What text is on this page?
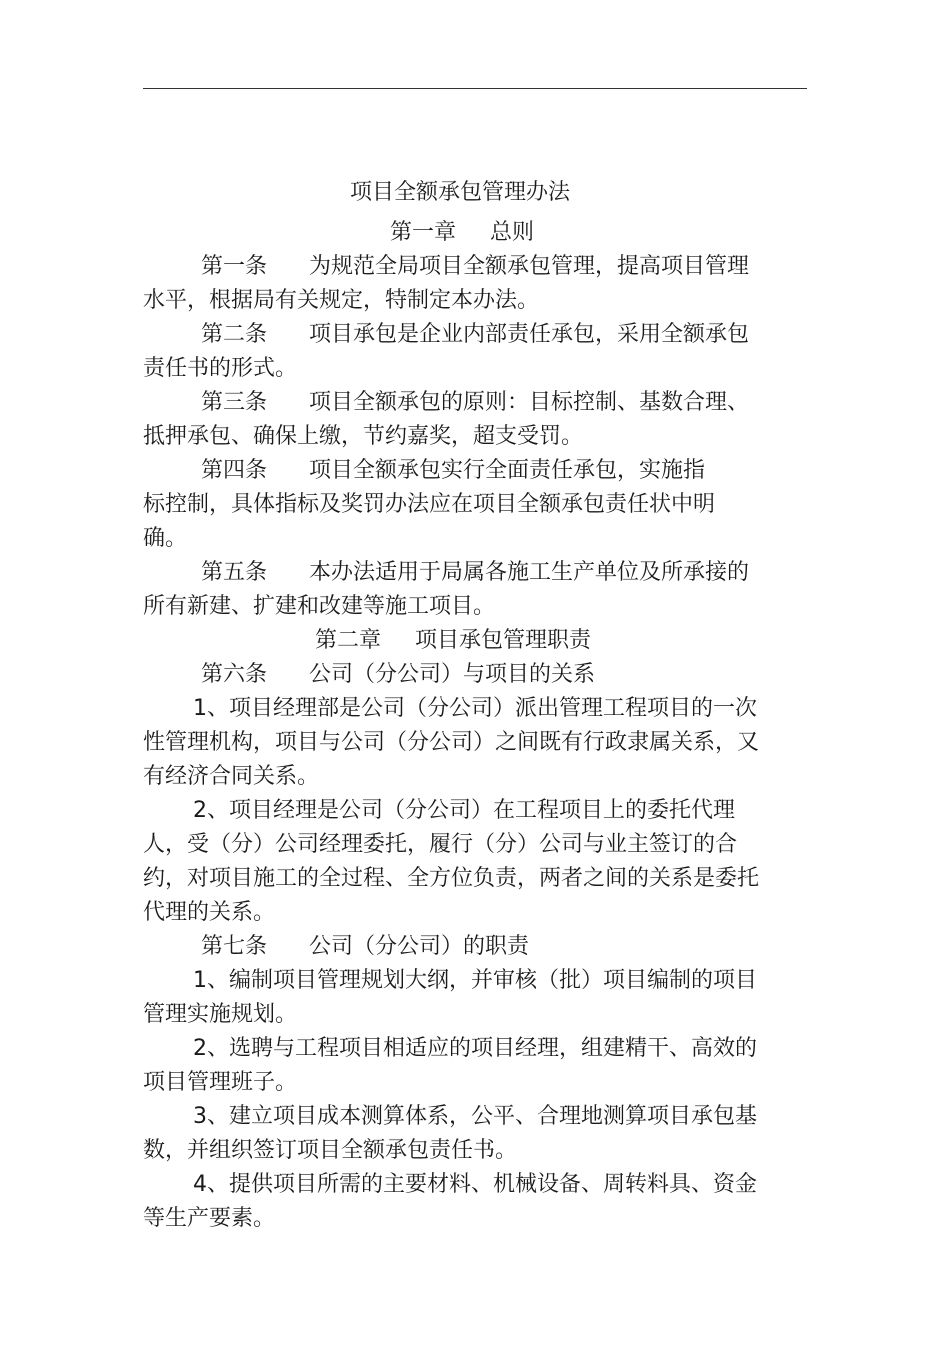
项目全额承包管理办法

第一章 总则

第一条 为规范全局项目全额承包管理，提高项目管理水平，根据局有关规定，特制定本办法。

第二条 项目承包是企业内部责任承包，采用全额承包责任书的形式。

第三条 项目全额承包的原则：目标控制、基数合理、抵押承包、确保上缴，节约嘉奖，超支受罚。

第四条 项目全额承包实行全面责任承包，实施指标控制，具体指标及奖罚办法应在项目全额承包责任状中明确。

第五条 本办法适用于局属各施工生产单位及所承接的所有新建、扩建和改建等施工项目。

第二章 项目承包管理职责

第六条 公司（分公司）与项目的关系

1、项目经理部是公司（分公司）派出管理工程项目的一次性管理机构，项目与公司（分公司）之间既有行政隶属关系，又有经济合同关系。

2、项目经理是公司（分公司）在工程项目上的委托代理人，受（分）公司经理委托，履行（分）公司与业主签订的合约，对项目施工的全过程、全方位负责，两者之间的关系是委托代理的关系。

第七条 公司（分公司）的职责

1、编制项目管理规划大纲，并审核（批）项目编制的项目管理实施规划。

2、选聘与工程项目相适应的项目经理，组建精干、高效的项目管理班子。

3、建立项目成本测算体系，公平、合理地测算项目承包基数，并组织签订项目全额承包责任书。

4、提供项目所需的主要材料、机械设备、周转料具、资金等生产要素。
